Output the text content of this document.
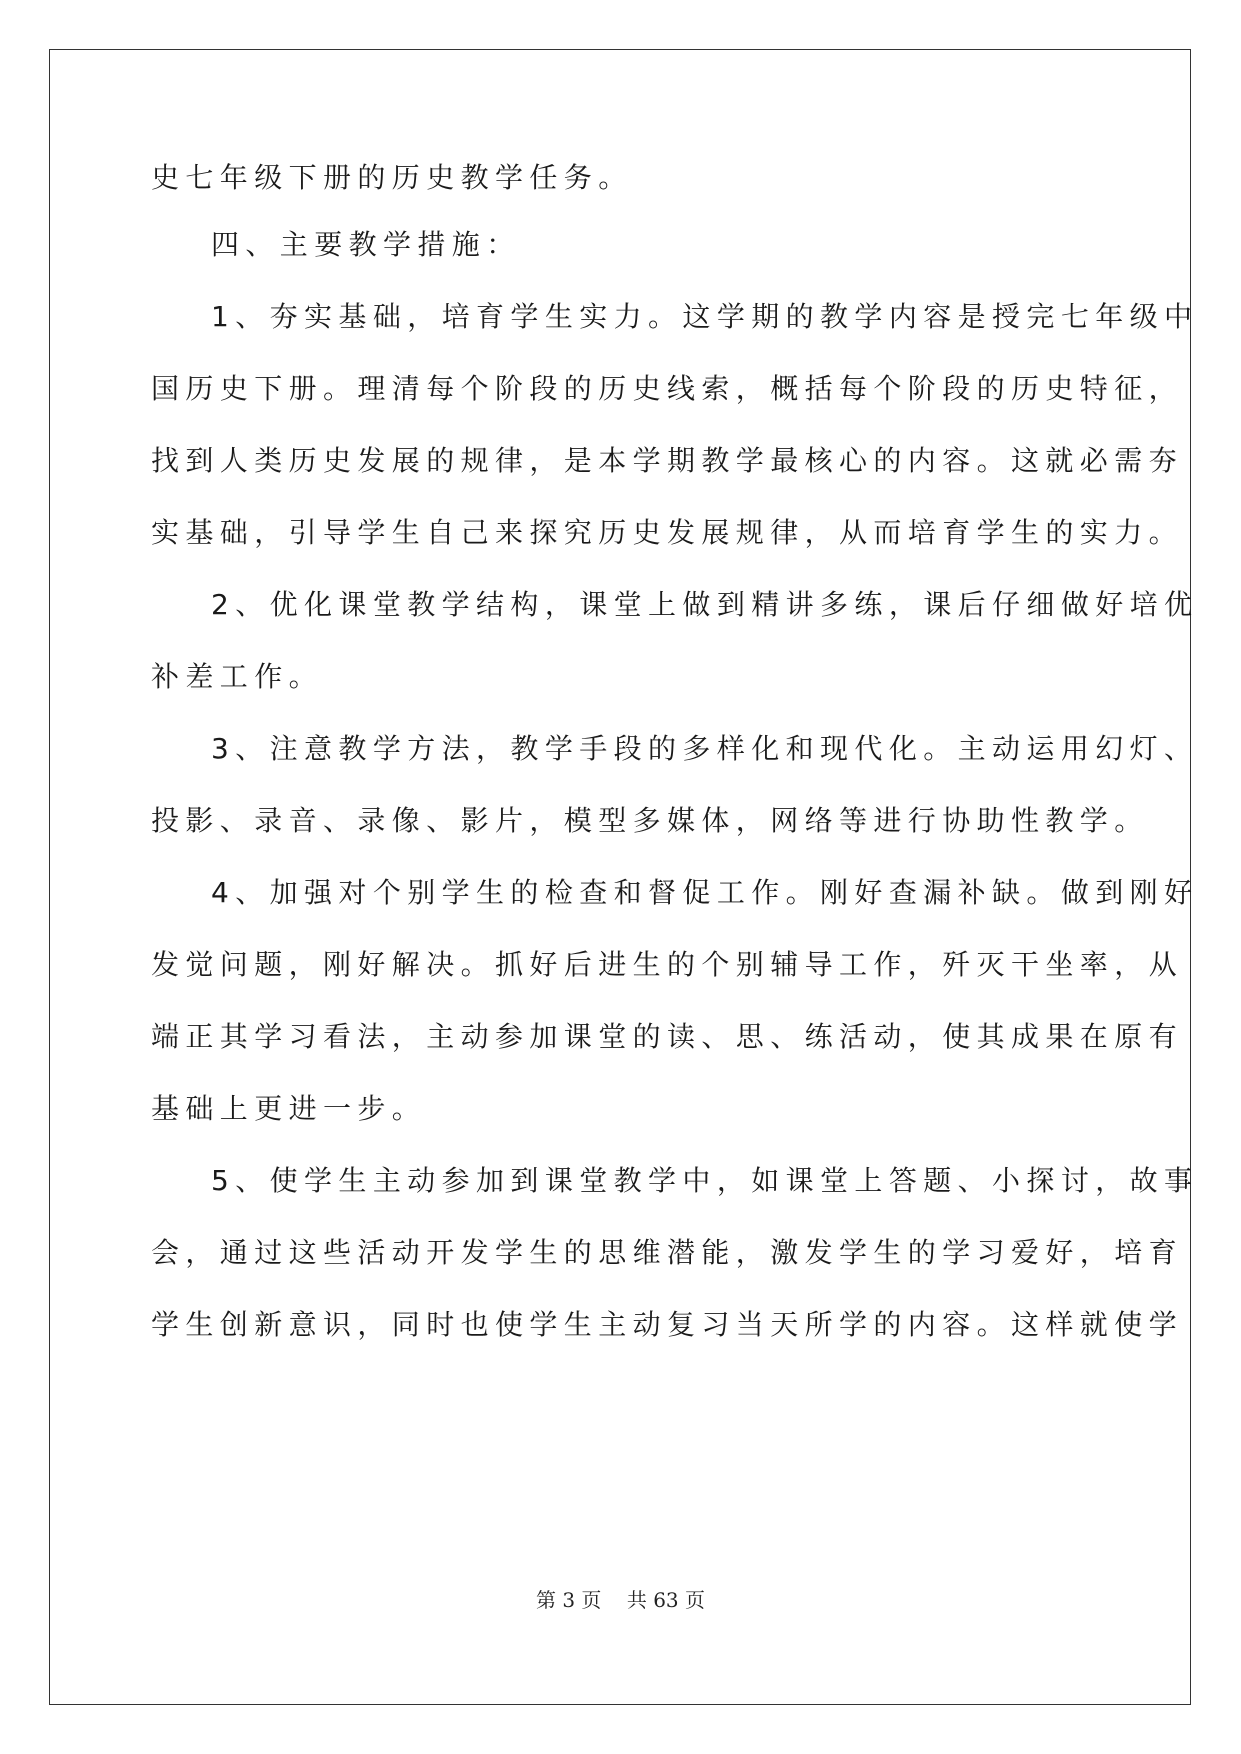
史七年级下册的历史教学任务。
四、主要教学措施：
1、夯实基础，培育学生实力。这学期的教学内容是授完七年级中
国历史下册。理清每个阶段的历史线索，概括每个阶段的历史特征，
找到人类历史发展的规律，是本学期教学最核心的内容。这就必需夯
实基础，引导学生自己来探究历史发展规律，从而培育学生的实力。
2、优化课堂教学结构，课堂上做到精讲多练，课后仔细做好培优
补差工作。
3、注意教学方法，教学手段的多样化和现代化。主动运用幻灯、
投影、录音、录像、影片，模型多媒体，网络等进行协助性教学。
4、加强对个别学生的检查和督促工作。刚好查漏补缺。做到刚好
发觉问题，刚好解决。抓好后进生的个别辅导工作，歼灭干坐率，从
端正其学习看法，主动参加课堂的读、思、练活动，使其成果在原有
基础上更进一步。
5、使学生主动参加到课堂教学中，如课堂上答题、小探讨，故事
会，通过这些活动开发学生的思维潜能，激发学生的学习爱好，培育
学生创新意识，同时也使学生主动复习当天所学的内容。这样就使学
第 3 页    共 63 页
